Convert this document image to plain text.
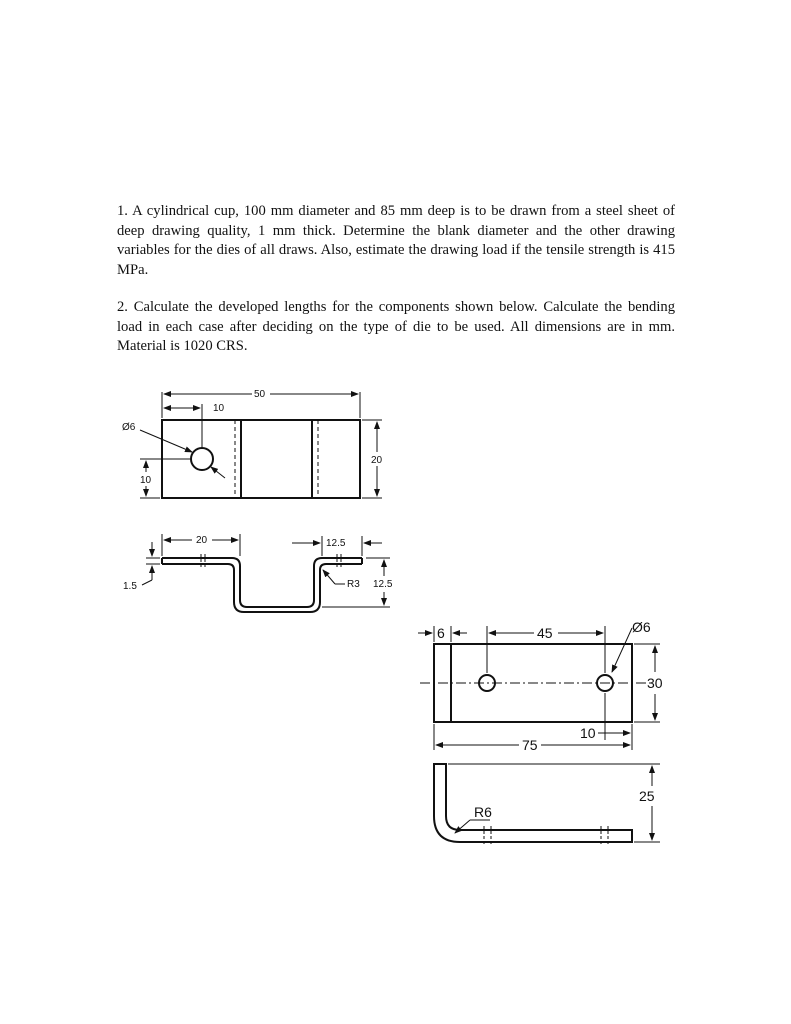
1. A cylindrical cup, 100 mm diameter and 85 mm deep is to be drawn from a steel sheet of deep drawing quality, 1 mm thick. Determine the blank diameter and the other drawing variables for the dies of all draws. Also, estimate the drawing load if the tensile strength is 415 MPa.
2. Calculate the developed lengths for the components shown below. Calculate the bending load in each case after deciding on the type of die to be used. All dimensions are in mm. Material is 1020 CRS.
Ø6
50
10
20
10
20	12.5
1.5	R3 12.5
6	45	Ø6
30
10
75
25
R6
